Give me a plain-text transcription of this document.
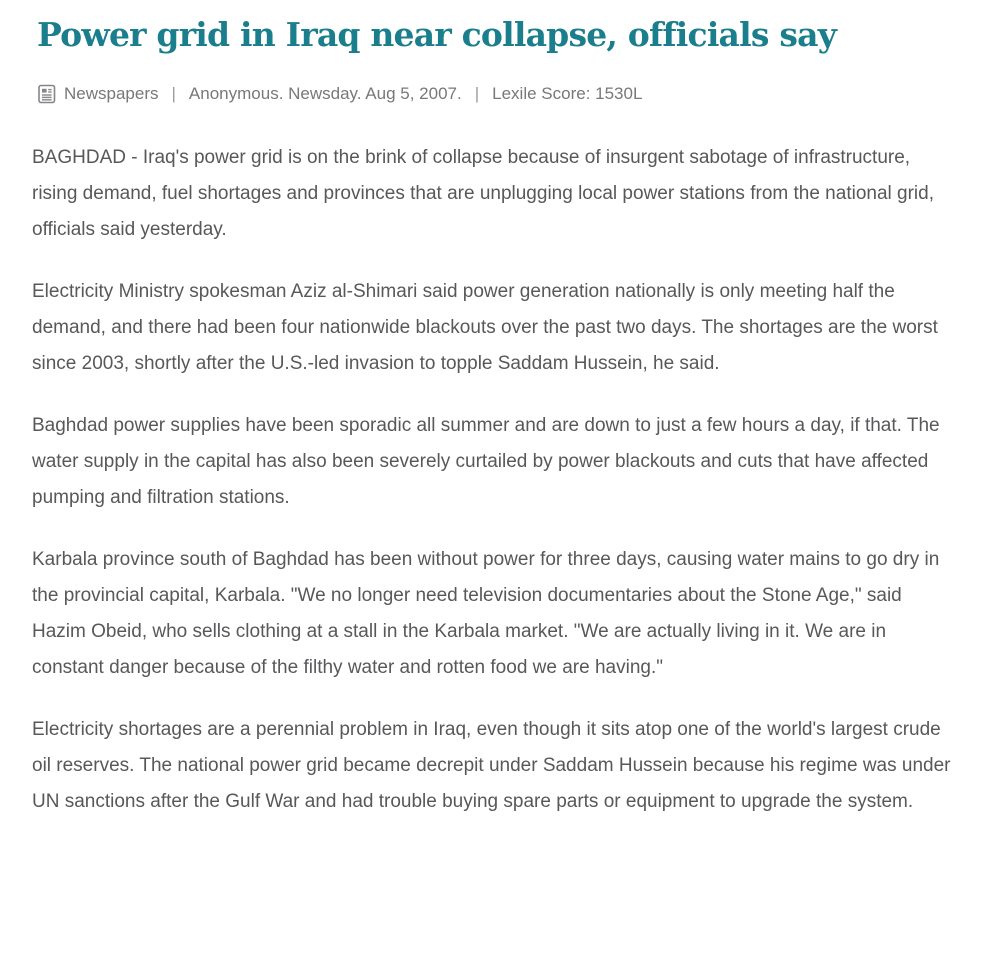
Power grid in Iraq near collapse, officials say
Newspapers | Anonymous. Newsday. Aug 5, 2007. | Lexile Score: 1530L

BAGHDAD - Iraq's power grid is on the brink of collapse because of insurgent sabotage of infrastructure, rising demand, fuel shortages and provinces that are unplugging local power stations from the national grid, officials said yesterday.

Electricity Ministry spokesman Aziz al-Shimari said power generation nationally is only meeting half the demand, and there had been four nationwide blackouts over the past two days. The shortages are the worst since 2003, shortly after the U.S.-led invasion to topple Saddam Hussein, he said.

Baghdad power supplies have been sporadic all summer and are down to just a few hours a day, if that. The water supply in the capital has also been severely curtailed by power blackouts and cuts that have affected pumping and filtration stations.

Karbala province south of Baghdad has been without power for three days, causing water mains to go dry in the provincial capital, Karbala. "We no longer need television documentaries about the Stone Age," said Hazim Obeid, who sells clothing at a stall in the Karbala market. "We are actually living in it. We are in constant danger because of the filthy water and rotten food we are having."

Electricity shortages are a perennial problem in Iraq, even though it sits atop one of the world's largest crude oil reserves. The national power grid became decrepit under Saddam Hussein because his regime was under UN sanctions after the Gulf War and had trouble buying spare parts or equipment to upgrade the system.
